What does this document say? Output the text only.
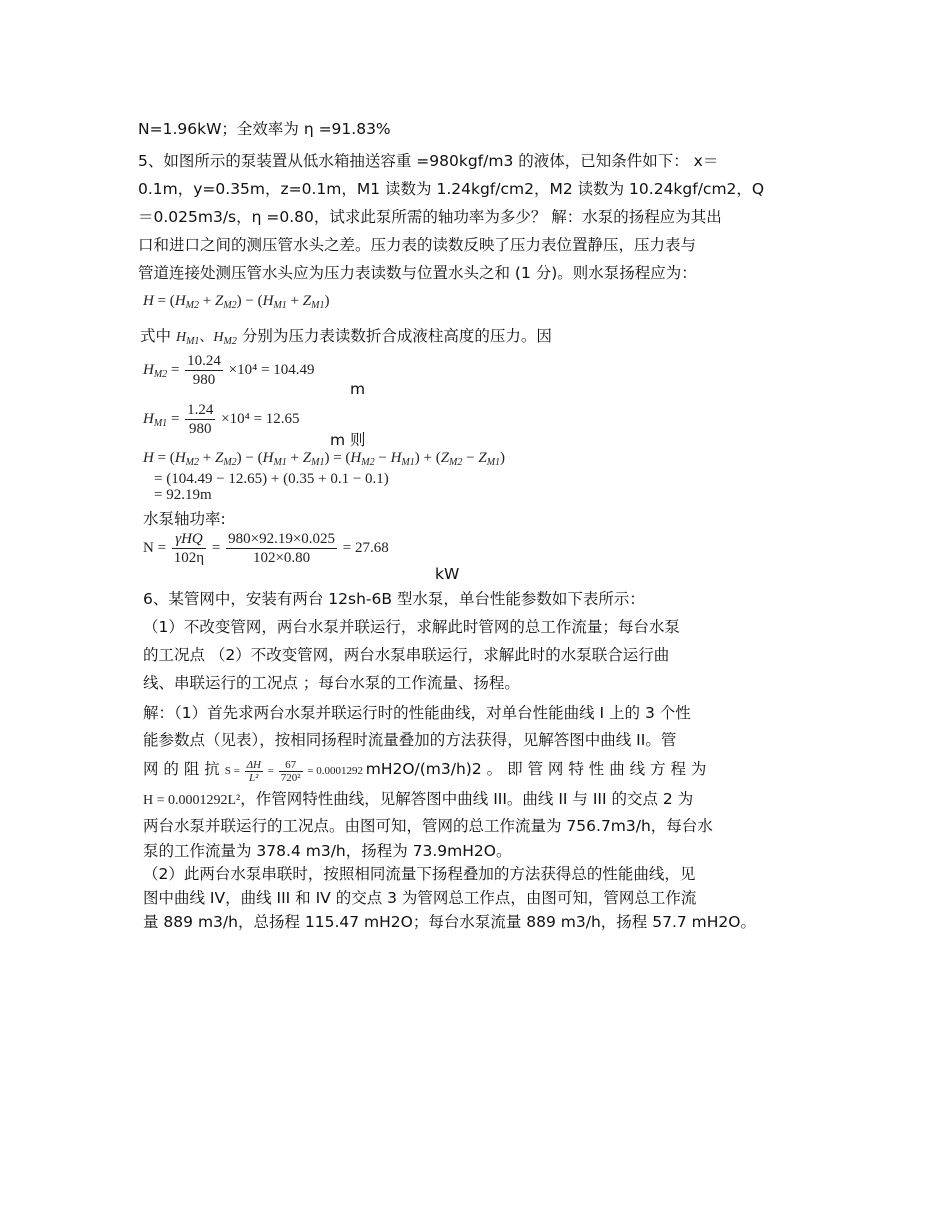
N=1.96kW；全效率为 η =91.83%
5、如图所示的泵装置从低水箱抽送容重 =980kgf/m3 的液体，已知条件如下： x＝
0.1m，y=0.35m，z=0.1m，M1 读数为 1.24kgf/cm2，M2 读数为 10.24kgf/cm2，Q
＝0.025m3/s，η =0.80，试求此泵所需的轴功率为多少？ 解：水泵的扬程应为其出
口和进口之间的测压管水头之差。压力表的读数反映了压力表位置静压，压力表与
管道连接处测压管水头应为压力表读数与位置水头之和 (1 分)。则水泵扬程应为：
$H = (H_{M2} + Z_{M2}) - (H_{M1} + Z_{M1})$
式中 $H_{M1}$、$H_{M2}$ 分别为压力表读数折合成液柱高度的压力。因
$H_{M2} = \frac{10.24}{980} \times 10^4 = 104.49$
m
$H_{M1} = \frac{1.24}{980} \times 10^4 = 12.65$
m 则
$H = (H_{M2} + Z_{M2}) - (H_{M1} + Z_{M1}) = (H_{M2} - H_{M1}) + (Z_{M2} - Z_{M1})$
= (104.49 − 12.65) + (0.35 + 0.1 − 0.1)
= 92.19m
水泵轴功率:
$N = \frac{\text{γHQ}}{102\eta} = \frac{980\times 92.19\times 0.025}{102\times 0.80} = 27.68$
kW
6、某管网中，安装有两台 12sh-6B 型水泵，单台性能参数如下表所示：
（1）不改变管网，两台水泵并联运行，求解此时管网的总工作流量；每台水泵
的工况点 （2）不改变管网，两台水泵串联运行，求解此时的水泵联合运行曲
线、串联运行的工况点 ；每台水泵的工作流量、扬程。
解：（1）首先求两台水泵并联运行时的性能曲线，对单台性能曲线 I 上的 3 个性
能参数点（见表），按相同扬程时流量叠加的方法获得，见解答图中曲线 II。管
网 的 阻 抗 $S = \frac{\Delta H}{\text{L²}} = \frac{67}{\text{720²}} = 0.0001292$ mH2O/(m3/h)2 。 即 管 网 特 性 曲 线 方 程 为
H = 0.0001292L²，作管网特性曲线，见解答图中曲线 III。曲线 II 与 III 的交点 2 为
两台水泵并联运行的工况点。由图可知，管网的总工作流量为 756.7m3/h，每台水
泵的工作流量为 378.4 m3/h，扬程为 73.9mH2O。
（2）此两台水泵串联时，按照相同流量下扬程叠加的方法获得总的性能曲线，见
图中曲线 IV，曲线 III 和 IV 的交点 3 为管网总工作点，由图可知，管网总工作流
量 889 m3/h，总扬程 115.47 mH2O；每台水泵流量 889 m3/h，扬程 57.7 mH2O。
